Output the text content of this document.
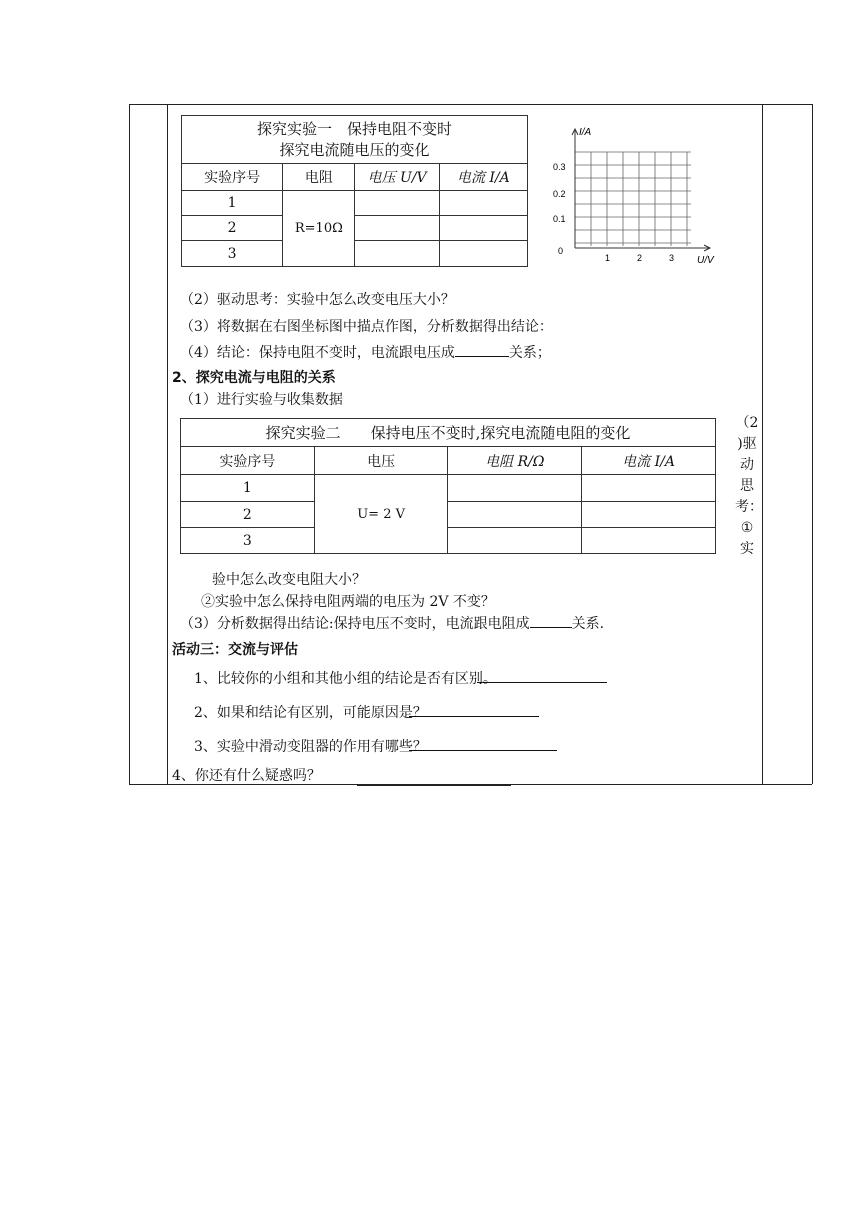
探究实验一　保持电阻不变时
探究电流随电压的变化			
实验序号	电阻	电压 U/V	电流 I/A
1	R=10Ω		
2			
3			
I/A
U/V
0
0.1
0.2
0.3
1	2	3
（2）驱动思考：实验中怎么改变电压大小？
（3）将数据在右图坐标图中描点作图，分析数据得出结论：
（4）结论：保持电阻不变时，电流跟电压成	关系；
2、探究电流与电阻的关系
（1）进行实验与收集数据
探究实验二　　保持电压不变时,探究电流随电阻的变化			
实验序号	电压	电阻 R/Ω	电流 I/A
1	U= 2 V		
2			
3			
（2
)驱
动
思
考：
①
实
验中怎么改变电阻大小？
②实验中怎么保持电阻两端的电压为 2V 不变？
（3）分析数据得出结论:保持电压不变时，电流跟电阻成	关系.
活动三：交流与评估
1、比较你的小组和其他小组的结论是否有区别。
2、如果和结论有区别，可能原因是？
3、实验中滑动变阻器的作用有哪些？
4、你还有什么疑惑吗？
